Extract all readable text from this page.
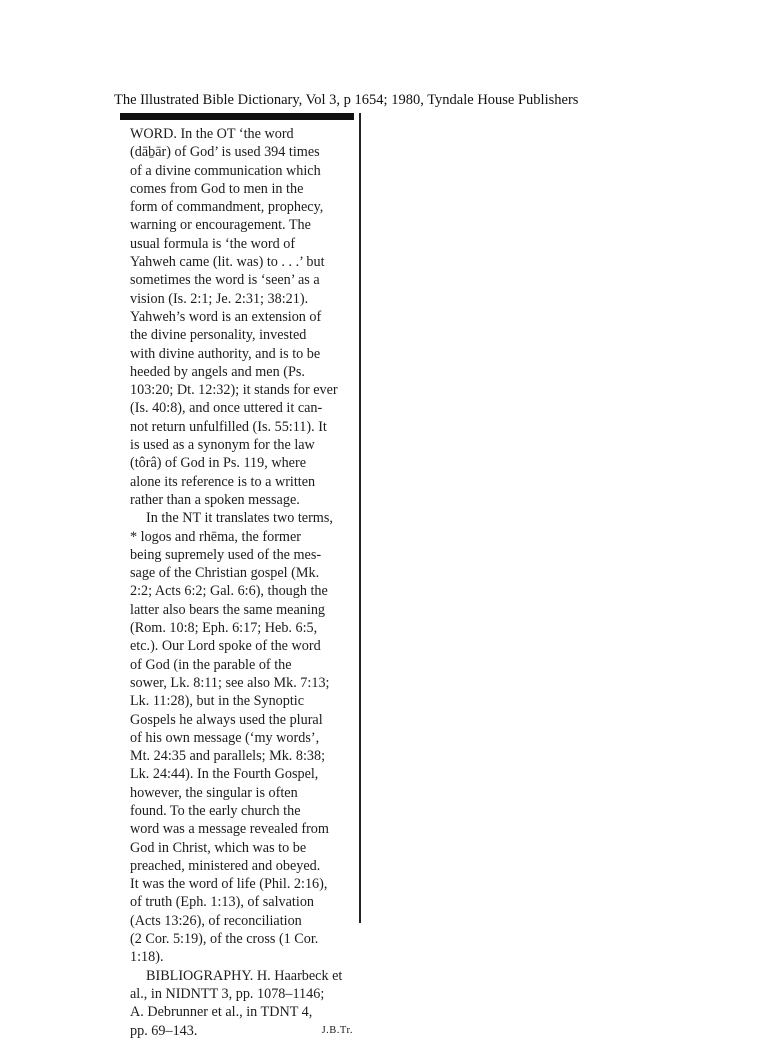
The Illustrated Bible Dictionary, Vol 3, p 1654; 1980, Tyndale House Publishers
WORD. In the OT ‘the word
(dāḇār) of God’ is used 394 times
of a divine communication which
comes from God to men in the
form of commandment, prophecy,
warning or encouragement. The
usual formula is ‘the word of
Yahweh came (lit. was) to . . .’ but
sometimes the word is ‘seen’ as a
vision (Is. 2:1; Je. 2:31; 38:21).
Yahweh’s word is an extension of
the divine personality, invested
with divine authority, and is to be
heeded by angels and men (Ps.
103:20; Dt. 12:32); it stands for ever
(Is. 40:8), and once uttered it can-
not return unfulfilled (Is. 55:11). It
is used as a synonym for the law
(tôrâ) of God in Ps. 119, where
alone its reference is to a written
rather than a spoken message.
In the NT it translates two terms,
* logos and rhēma, the former
being supremely used of the mes-
sage of the Christian gospel (Mk.
2:2; Acts 6:2; Gal. 6:6), though the
latter also bears the same meaning
(Rom. 10:8; Eph. 6:17; Heb. 6:5,
etc.). Our Lord spoke of the word
of God (in the parable of the
sower, Lk. 8:11; see also Mk. 7:13;
Lk. 11:28), but in the Synoptic
Gospels he always used the plural
of his own message (‘my words’,
Mt. 24:35 and parallels; Mk. 8:38;
Lk. 24:44). In the Fourth Gospel,
however, the singular is often
found. To the early church the
word was a message revealed from
God in Christ, which was to be
preached, ministered and obeyed.
It was the word of life (Phil. 2:16),
of truth (Eph. 1:13), of salvation
(Acts 13:26), of reconciliation
(2 Cor. 5:19), of the cross (1 Cor.
1:18).
BIBLIOGRAPHY. H. Haarbeck et
al., in NIDNTT 3, pp. 1078–1146;
A. Debrunner et al., in TDNT 4,
pp. 69–143.	J.B.Tr.
